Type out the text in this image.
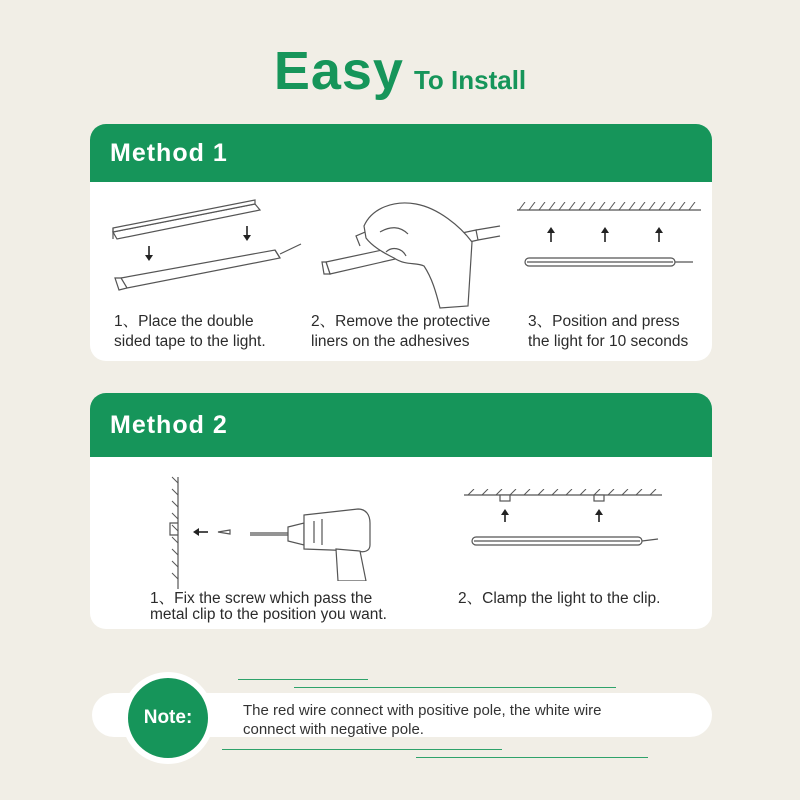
Easy To Install
Method 1
1、Place the double
sided tape to the light.
2、Remove the protective
liners on the adhesives
3、Position and press
the light for 10 seconds
Method 2
1、Fix the screw which pass the
metal clip to the position you want.
2、Clamp the light to the clip.
Note:	The red wire connect with positive pole, the white wire
connect with negative pole.
